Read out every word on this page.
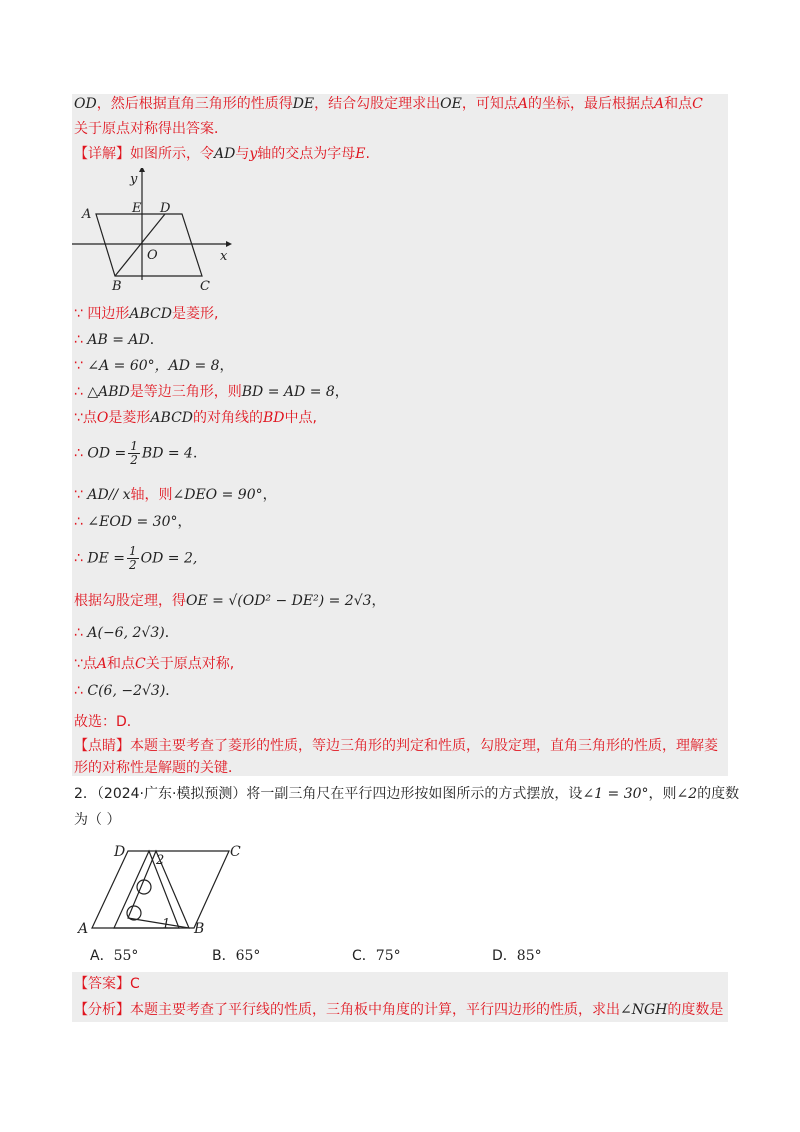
OD，然后根据直角三角形的性质得DE，结合勾股定理求出OE，可知点A的坐标，最后根据点A和点C
关于原点对称得出答案．
【详解】如图所示，令AD与y轴的交点为字母E.
y
x
A	E D
O
B	C
∵ 四边形ABCD是菱形,
∴ AB = AD．
∵ ∠A = 60°，AD = 8，
∴ △ABD是等边三角形，则BD = AD = 8，
∵点O是菱形ABCD的对角线的BD中点,
∴ OD = $\frac{1}{2}$ BD = 4．
∵ AD// x轴，则∠DEO = 90°，
∴ ∠EOD = 30°，
∴ DE = $\frac{1}{2}$ OD = 2,
根据勾股定理，得OE = √(OD² − DE²) = 2√3，
∴ A(−6, 2√3)．
∵点A和点C关于原点对称,
∴ C(6, −2√3)．
故选：D．
【点睛】本题主要考查了菱形的性质，等边三角形的判定和性质，勾股定理，直角三角形的性质，理解菱
形的对称性是解题的关键．
2．（2024·广东·模拟预测）将一副三角尺在平行四边形按如图所示的方式摆放，设∠1 = 30°，则∠2的度数
为（ ）
D	C
A	B
1
2
A．55°	B．65°	C．75°	D．85°
【答案】C
【分析】本题主要考查了平行线的性质，三角板中角度的计算，平行四边形的性质，求出∠NGH的度数是
